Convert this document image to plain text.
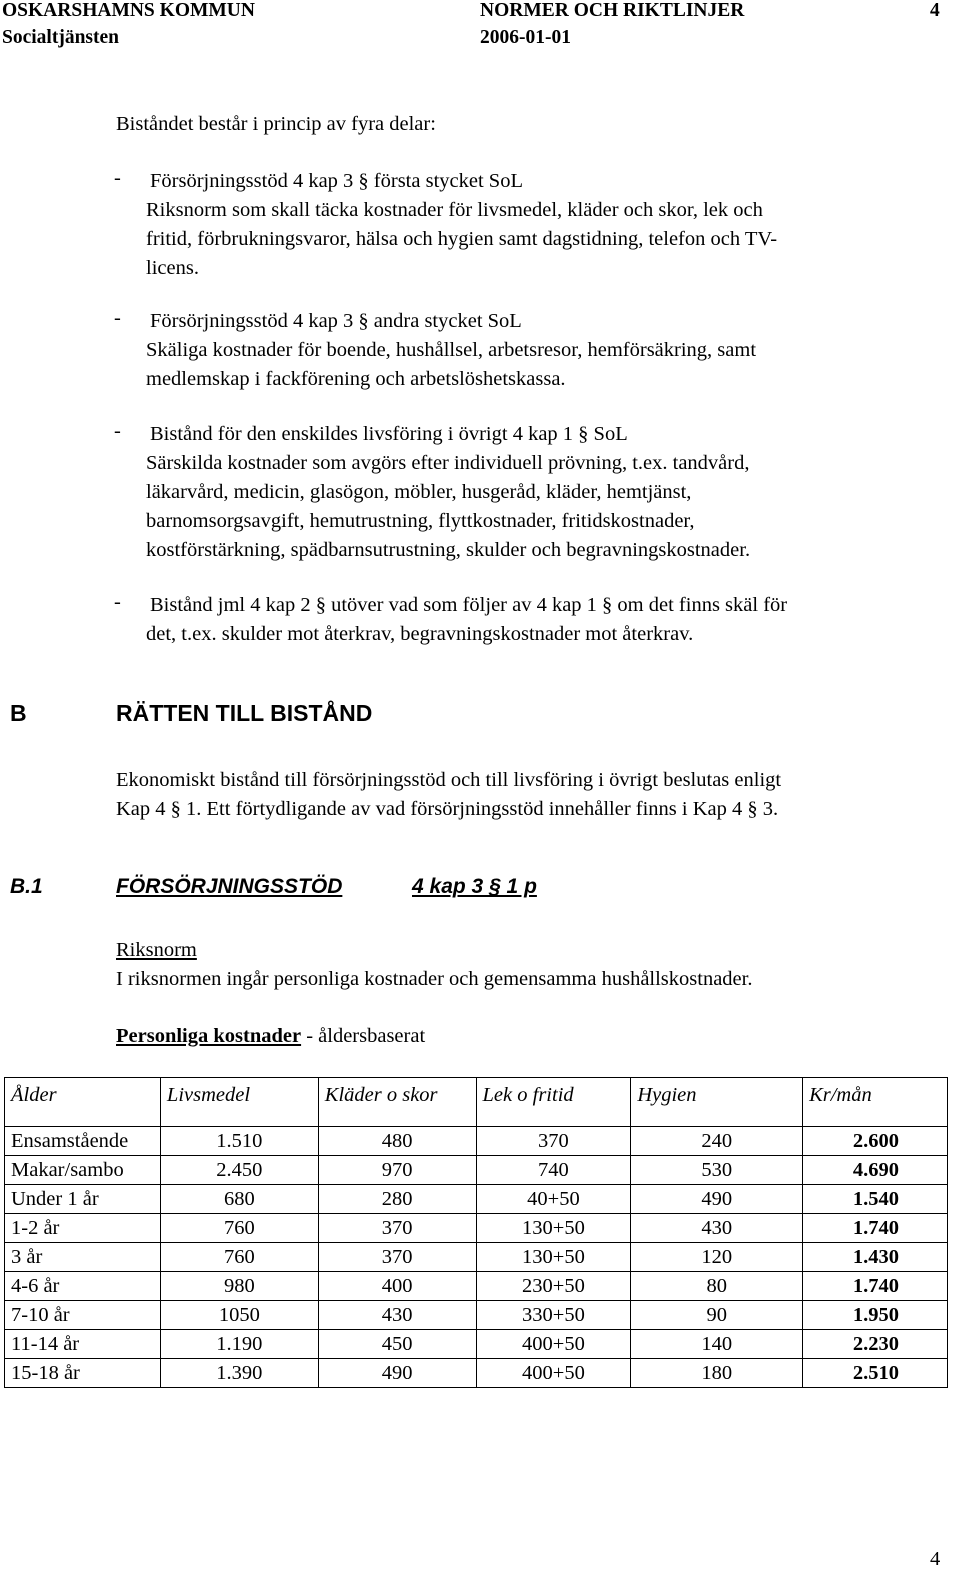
OSKARSHAMNS KOMMUN
Socialtjänsten
NORMER OCH RIKTLINJER
2006-01-01
4
Biståndet består i princip av fyra delar:
- Försörjningsstöd 4 kap 3 § första stycket SoL
Riksnorm som skall täcka kostnader för livsmedel, kläder och skor, lek och
fritid, förbrukningsvaror, hälsa och hygien samt dagstidning, telefon och TV-
licens.
- Försörjningsstöd 4 kap 3 § andra stycket SoL
Skäliga kostnader för boende, hushållsel, arbetsresor, hemförsäkring, samt
medlemskap i fackförening och arbetslöshetskassa.
- Bistånd för den enskildes livsföring i övrigt 4 kap 1 § SoL
Särskilda kostnader som avgörs efter individuell prövning, t.ex. tandvård,
läkarvård, medicin, glasögon, möbler, husgeråd, kläder, hemtjänst,
barnomsorgsavgift, hemutrustning, flyttkostnader, fritidskostnader,
kostförstärkning, spädbarnsutrustning, skulder och begravningskostnader.
- Bistånd jml 4 kap 2 § utöver vad som följer av 4 kap 1 § om det finns skäl för
det, t.ex. skulder mot återkrav, begravningskostnader mot återkrav.
B	RÄTTEN TILL BISTÅND
Ekonomiskt bistånd till försörjningsstöd och till livsföring i övrigt beslutas enligt
Kap 4 § 1. Ett förtydligande av vad försörjningsstöd innehåller finns i Kap 4 § 3.
B.1	FÖRSÖRJNINGSSTÖD	4 kap 3 § 1 p
Riksnorm
I riksnormen ingår personliga kostnader och gemensamma hushållskostnader.
Personliga kostnader - åldersbaserat
Ålder	Livsmedel	Kläder o skor	Lek o fritid	Hygien	Kr/mån

Ensamstående	1.510	480	370	240	2.600
Makar/sambo	2.450	970	740	530	4.690
Under 1 år	680	280	40+50	490	1.540
1-2 år	760	370	130+50	430	1.740
3 år	760	370	130+50	120	1.430
4-6 år	980	400	230+50	80	1.740
7-10 år	1050	430	330+50	90	1.950
11-14 år	1.190	450	400+50	140	2.230
15-18 år	1.390	490	400+50	180	2.510
4
